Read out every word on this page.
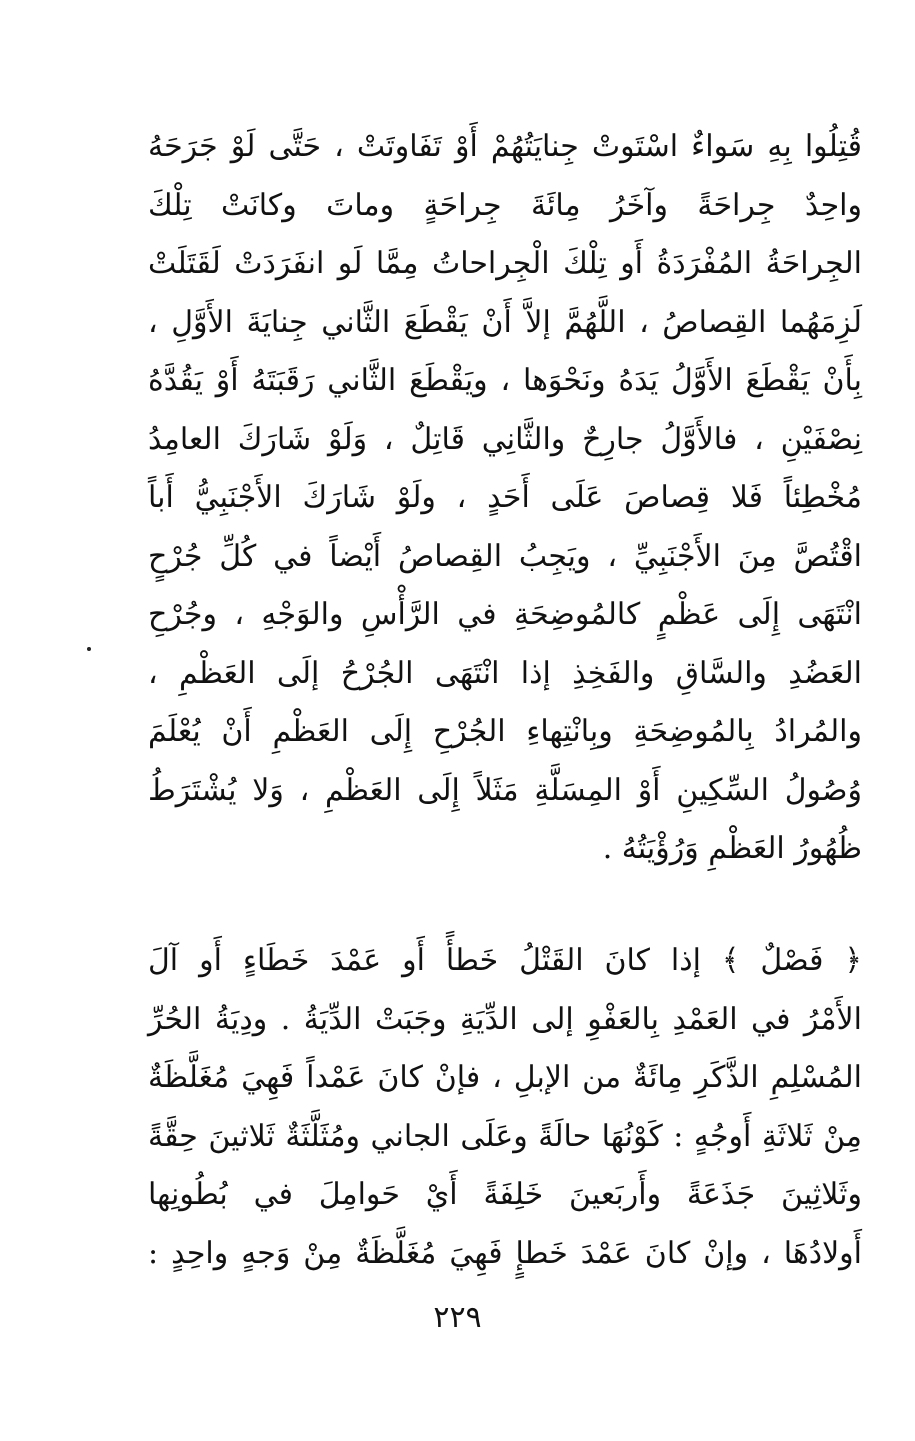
قُتِلُوا بِهِ سَواءٌ اسْتَوتْ جِنايَتُهُمْ أَوْ تَفَاوتَتْ ، حَتَّى لَوْ جَرَحَهُ
واحِدٌ جِراحَةً وآخَرُ مِائَةَ جِراحَةٍ وماتَ وكانَتْ تِلْكَ
الجِراحَةُ المُفْرَدَةُ أَو تِلْكَ الْجِراحاتُ مِمَّا لَو انفَرَدَتْ لَقَتَلَتْ
لَزِمَهُما القِصاصُ ، اللَّهُمَّ إلاَّ أَنْ يَقْطَعَ الثَّاني جِنايَةَ الأَوَّلِ ،
بِأَنْ يَقْطَعَ الأَوَّلُ يَدَهُ ونَحْوَها ، ويَقْطَعَ الثَّاني رَقَبَتَهُ أَوْ يَقُدَّهُ
نِصْفَيْنِ ، فالأَوَّلُ جارِحٌ والثَّانِي قَاتِلٌ ، وَلَوْ شَارَكَ العامِدُ
مُخْطِئاً فَلا قِصاصَ عَلَى أَحَدٍ ، ولَوْ شَارَكَ الأَجْنَبِيُّ أَباً
اقْتُصَّ مِنَ الأَجْنَبِيِّ ، ويَجِبُ القِصاصُ أَيْضاً في كُلِّ جُرْحٍ
انْتَهَى إِلَى عَظْمٍ كالمُوضِحَةِ في الرَّأْسِ والوَجْهِ ، وجُرْحِ
العَضُدِ والسَّاقِ والفَخِذِ إذا انْتَهَى الجُرْحُ إلَى العَظْمِ ،
والمُرادُ بِالمُوضِحَةِ وبِانْتِهاءِ الجُرْحِ إِلَى العَظْمِ أَنْ يُعْلَمَ
وُصُولُ السِّكِينِ أَوْ المِسَلَّةِ مَثَلاً إِلَى العَظْمِ ، وَلا يُشْتَرَطُ
ظُهُورُ العَظْمِ وَرُؤْيَتُهُ .
﴿ فَصْلٌ ﴾ إذا كانَ القَتْلُ خَطأً أَو عَمْدَ خَطَاءٍ أَو آلَ
الأَمْرُ في العَمْدِ بِالعَفْوِ إلى الدِّيَةِ وجَبَتْ الدِّيَةُ . ودِيَةُ الحُرِّ
المُسْلِمِ الذَّكَرِ مِائَةٌ من الإبلِ ، فإنْ كانَ عَمْداً فَهِيَ مُغَلَّظَةٌ
مِنْ ثَلاثَةِ أَوجُهٍ : كَوْنُهَا حالَةً وعَلَى الجاني ومُثَلَّثَةٌ ثَلاثينَ حِقَّةً
وثَلاثِينَ جَذَعَةً وأَربَعينَ خَلِفَةً أَيْ حَوامِلَ في بُطُونِها
أَولادُهَا ، وإنْ كانَ عَمْدَ خَطإٍ فَهِيَ مُغَلَّظَةٌ مِنْ وَجهٍ واحِدٍ :
٢٢٩
